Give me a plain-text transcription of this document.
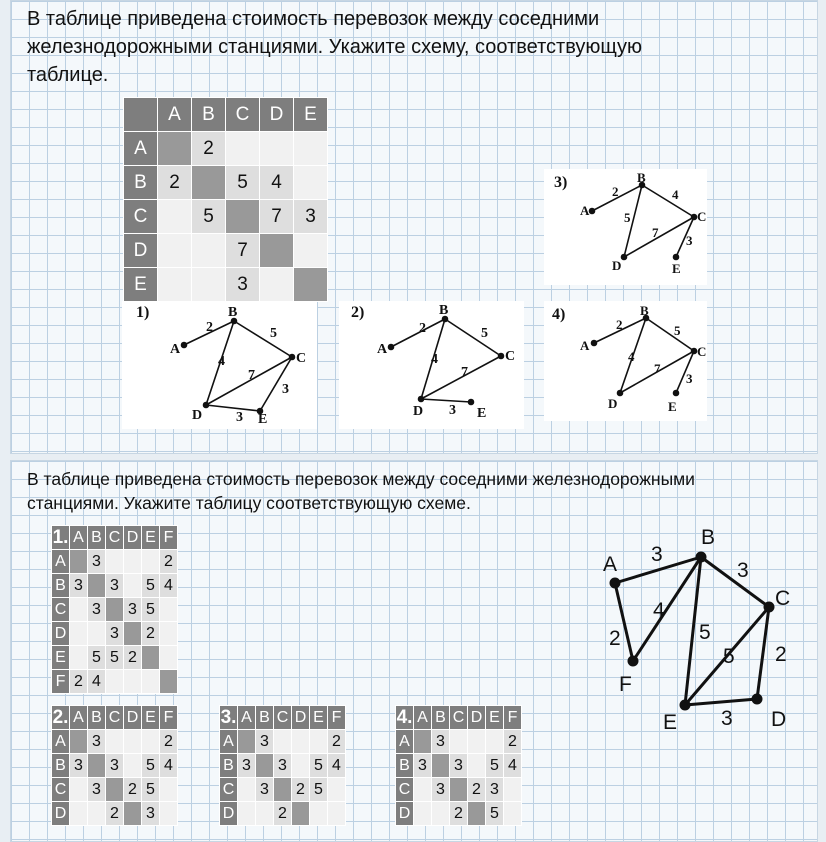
В таблице приведена стоимость перевозок между соседними железнодорожными станциями. Укажите схему, соответствующую таблице.

	A	B	C	D	E
A		2			
B	2		5	4	
C		5		7	3
D			7		
E			3		
3)
A
B
C
D	E
2	4
5
7
3
1)
A
B
C
D	E
2	5
4
7
3
3
2)
A
B
C
D	E
2	5
4
7
3
4)
A
B
C
D	E
2	5
4
7
3

В таблице приведена стоимость перевозок между соседними железнодорожными станциями. Укажите таблицу соответствующую схеме.

1.	A	B	C	D	E	F
A		3				2
B	3		3		5	4
C		3		3	5	
D			3		2	
E		5	5	2		
F	2	4				
2.	A	B	C	D	E	F
A		3				2
B	3		3		5	4
C		3		2	5	
D			2		3	
3.	A	B	C	D	E	F
A		3				2
B	3		3		5	4
C		3		2	5	
D			2			
4.	A	B	C	D	E	F
A		3				2
B	3		3		5	4
C		3		2	3	
D			2		5	
A
B
C
D
E
F
3
3
4
5
5
2
2
3
